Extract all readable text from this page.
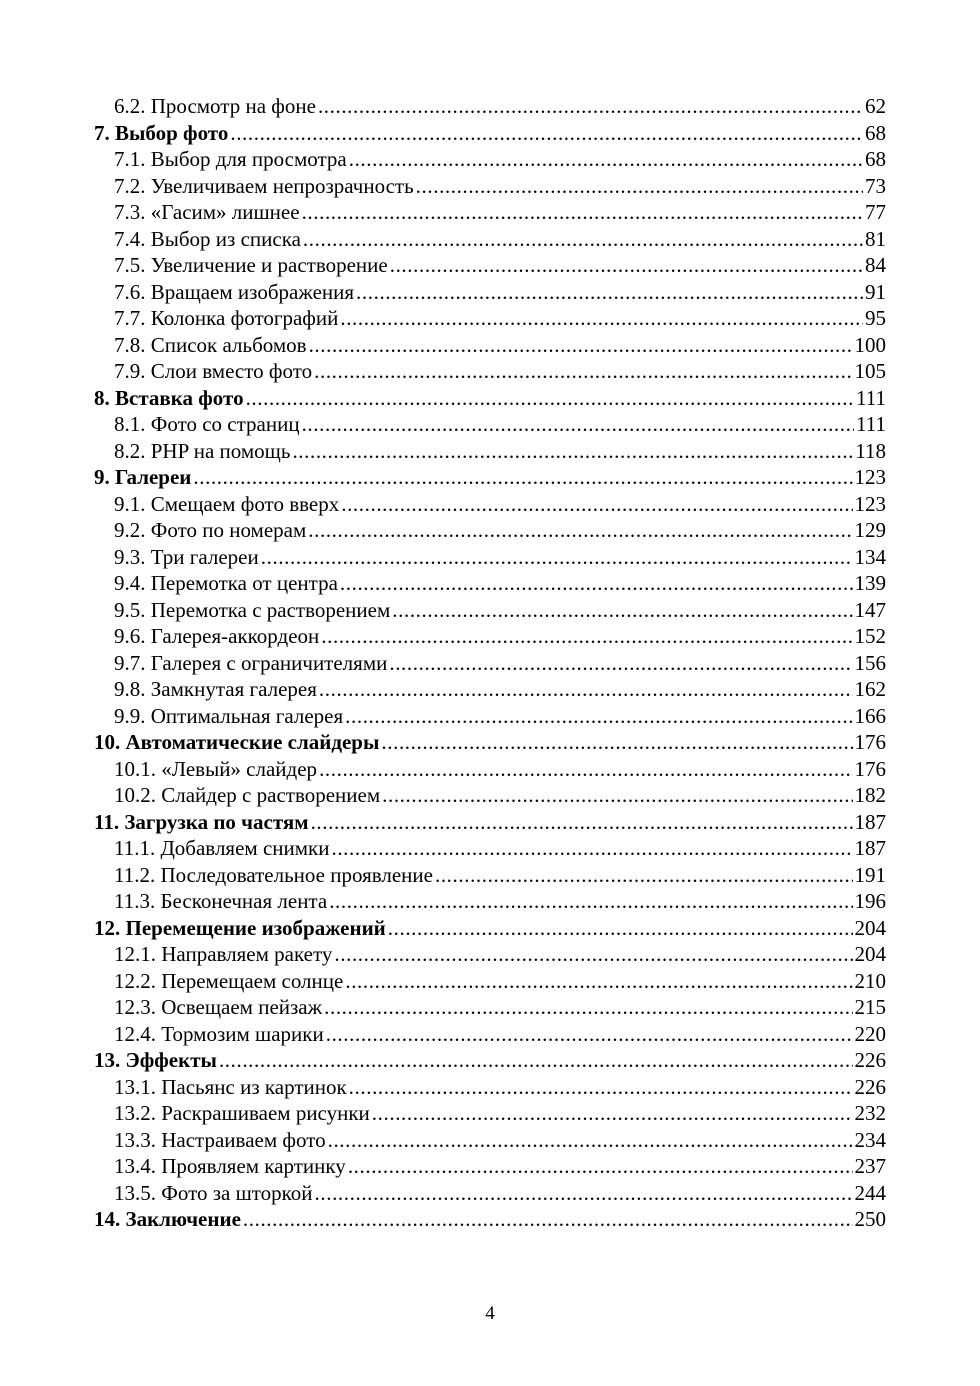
6.2. Просмотр на фоне .....	62
7. Выбор фото .....	68
7.1. Выбор для просмотра .....	68
7.2. Увеличиваем непрозрачность .....	73
7.3. «Гасим» лишнее .....	77
7.4. Выбор из списка .....	81
7.5. Увеличение и растворение .....	84
7.6. Вращаем изображения .....	91
7.7. Колонка фотографий .....	95
7.8. Список альбомов .....	100
7.9. Слои вместо фото .....	105
8. Вставка фото .....	111
8.1. Фото со страниц .....	111
8.2. PHP на помощь .....	118
9. Галереи .....	123
9.1. Смещаем фото вверх .....	123
9.2. Фото по номерам .....	129
9.3. Три галереи .....	134
9.4. Перемотка от центра .....	139
9.5. Перемотка с растворением .....	147
9.6. Галерея-аккордеон .....	152
9.7. Галерея с ограничителями .....	156
9.8. Замкнутая галерея .....	162
9.9. Оптимальная галерея .....	166
10. Автоматические слайдеры .....	176
10.1. «Левый» слайдер .....	176
10.2. Слайдер с растворением .....	182
11. Загрузка по частям .....	187
11.1. Добавляем снимки .....	187
11.2. Последовательное проявление .....	191
11.3. Бесконечная лента .....	196
12. Перемещение изображений .....	204
12.1. Направляем ракету .....	204
12.2. Перемещаем солнце .....	210
12.3. Освещаем пейзаж .....	215
12.4. Тормозим шарики .....	220
13. Эффекты .....	226
13.1. Пасьянс из картинок .....	226
13.2. Раскрашиваем рисунки .....	232
13.3. Настраиваем фото .....	234
13.4. Проявляем картинку .....	237
13.5. Фото за шторкой .....	244
14. Заключение .....	250
4
